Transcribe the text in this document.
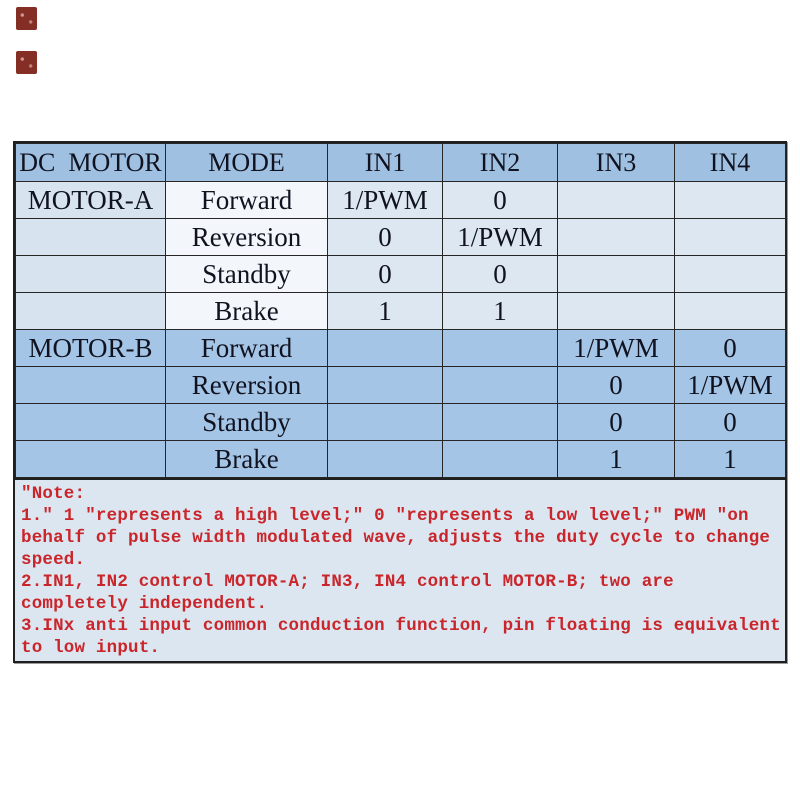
DC  MOTOR	MODE	IN1	IN2	IN3	IN4
MOTOR-A	Forward	1/PWM	0		
	Reversion	0	1/PWM		
	Standby	0	0		
	Brake	1	1		
MOTOR-B	Forward			1/PWM	0
	Reversion			0	1/PWM
	Standby			0	0
	Brake			1	1
″Note:
1.″ 1 ″represents a high level;″ 0 ″represents a low level;″ PWM ″on
behalf of pulse width modulated wave, adjusts the duty cycle to change
speed.
2.IN1, IN2 control MOTOR-A; IN3, IN4 control MOTOR-B; two are
completely independent.
3.INx anti input common conduction function, pin floating is equivalent
to low input.
